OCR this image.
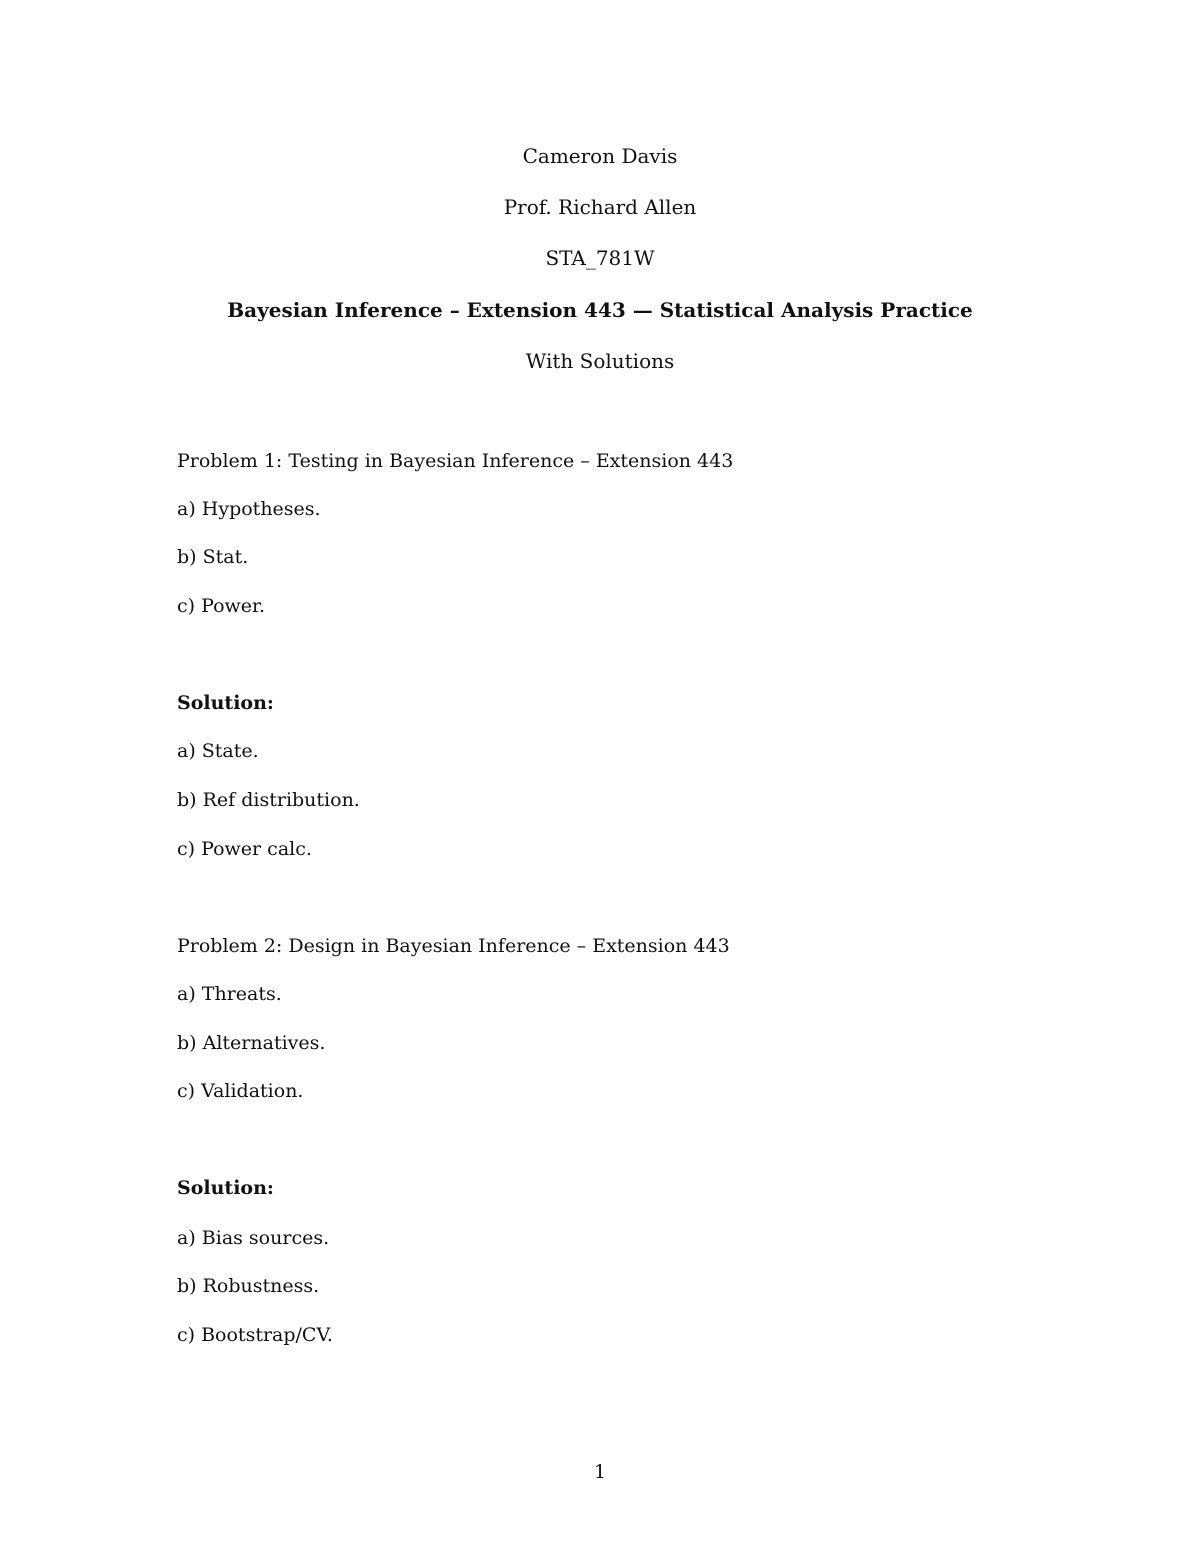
Cameron Davis
Prof. Richard Allen
STA_781W
Bayesian Inference – Extension 443 — Statistical Analysis Practice
With Solutions
Problem 1: Testing in Bayesian Inference – Extension 443
a) Hypotheses.
b) Stat.
c) Power.
Solution:
a) State.
b) Ref distribution.
c) Power calc.
Problem 2: Design in Bayesian Inference – Extension 443
a) Threats.
b) Alternatives.
c) Validation.
Solution:
a) Bias sources.
b) Robustness.
c) Bootstrap/CV.
1
